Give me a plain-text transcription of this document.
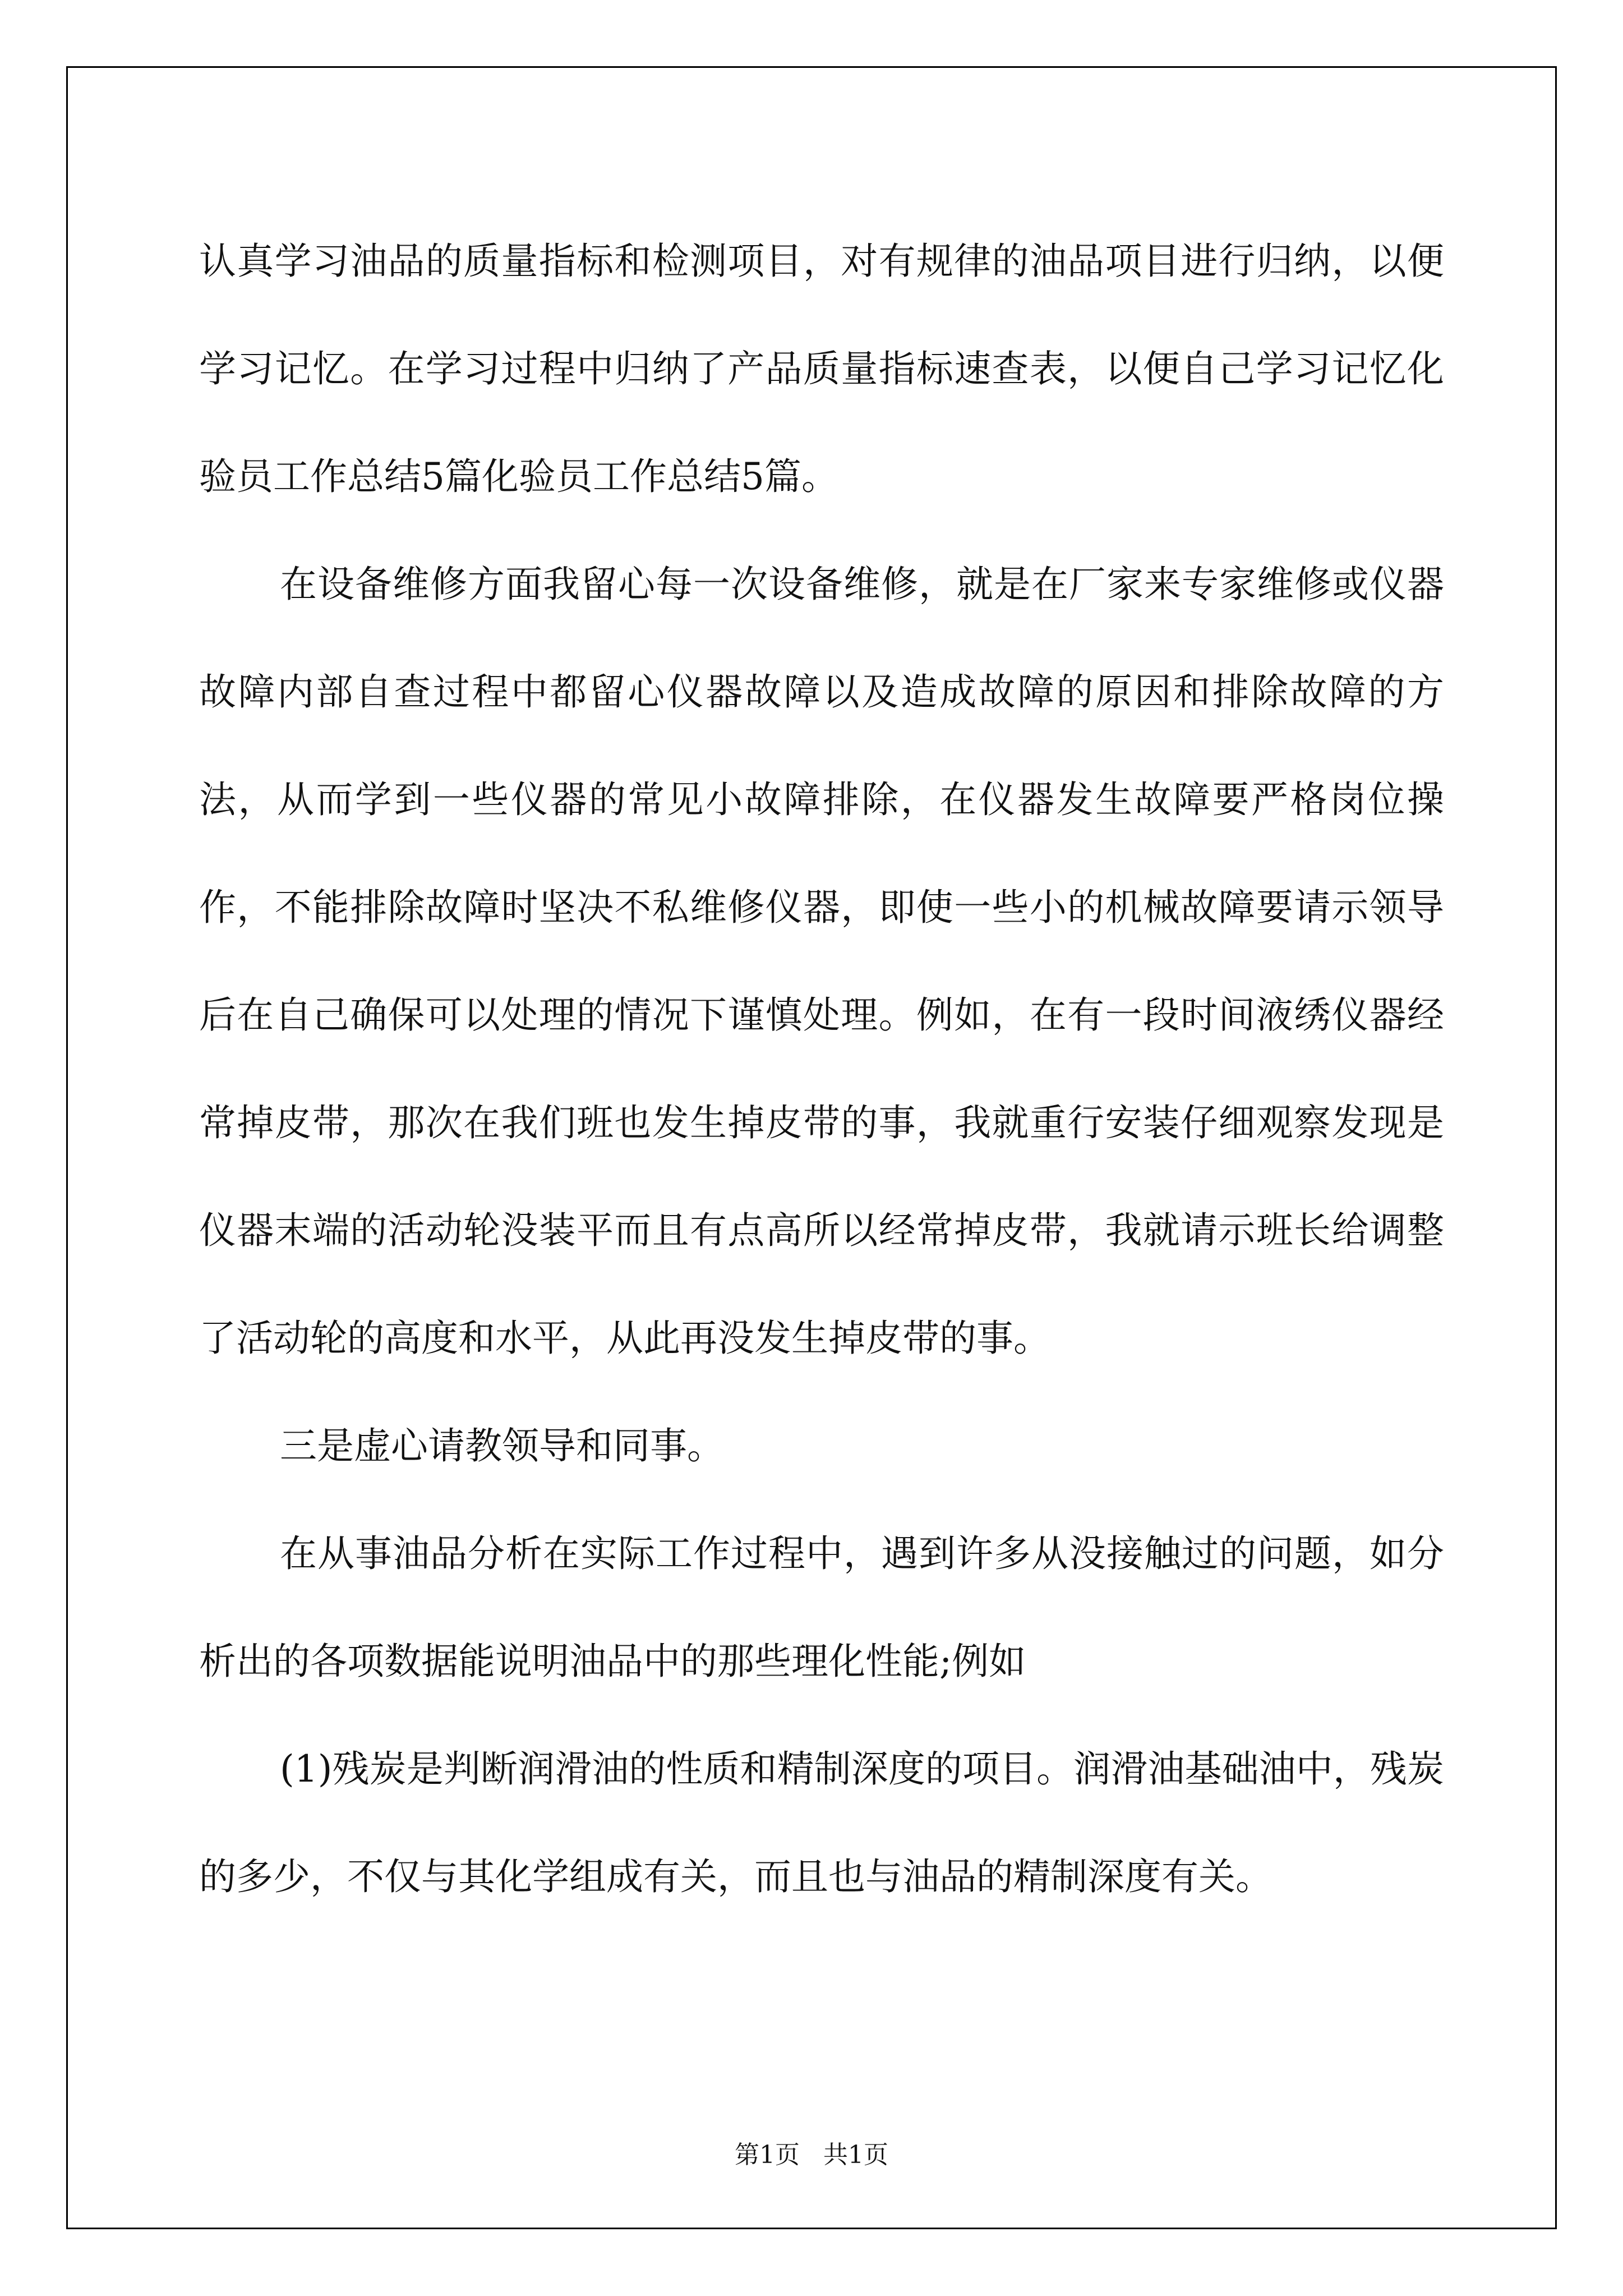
认真学习油品的质量指标和检测项目，对有规律的油品项目进行归纳，以便学习记忆。在学习过程中归纳了产品质量指标速查表，以便自己学习记忆化验员工作总结5篇化验员工作总结5篇。

在设备维修方面我留心每一次设备维修，就是在厂家来专家维修或仪器故障内部自查过程中都留心仪器故障以及造成故障的原因和排除故障的方法，从而学到一些仪器的常见小故障排除，在仪器发生故障要严格岗位操作，不能排除故障时坚决不私维修仪器，即使一些小的机械故障要请示领导后在自己确保可以处理的情况下谨慎处理。例如，在有一段时间液绣仪器经常掉皮带，那次在我们班也发生掉皮带的事，我就重行安装仔细观察发现是仪器末端的活动轮没装平而且有点高所以经常掉皮带，我就请示班长给调整了活动轮的高度和水平，从此再没发生掉皮带的事。

三是虚心请教领导和同事。

在从事油品分析在实际工作过程中，遇到许多从没接触过的问题，如分析出的各项数据能说明油品中的那些理化性能;例如

(1)残炭是判断润滑油的性质和精制深度的项目。润滑油基础油中，残炭的多少，不仅与其化学组成有关，而且也与油品的精制深度有关。

第1页   共1页
